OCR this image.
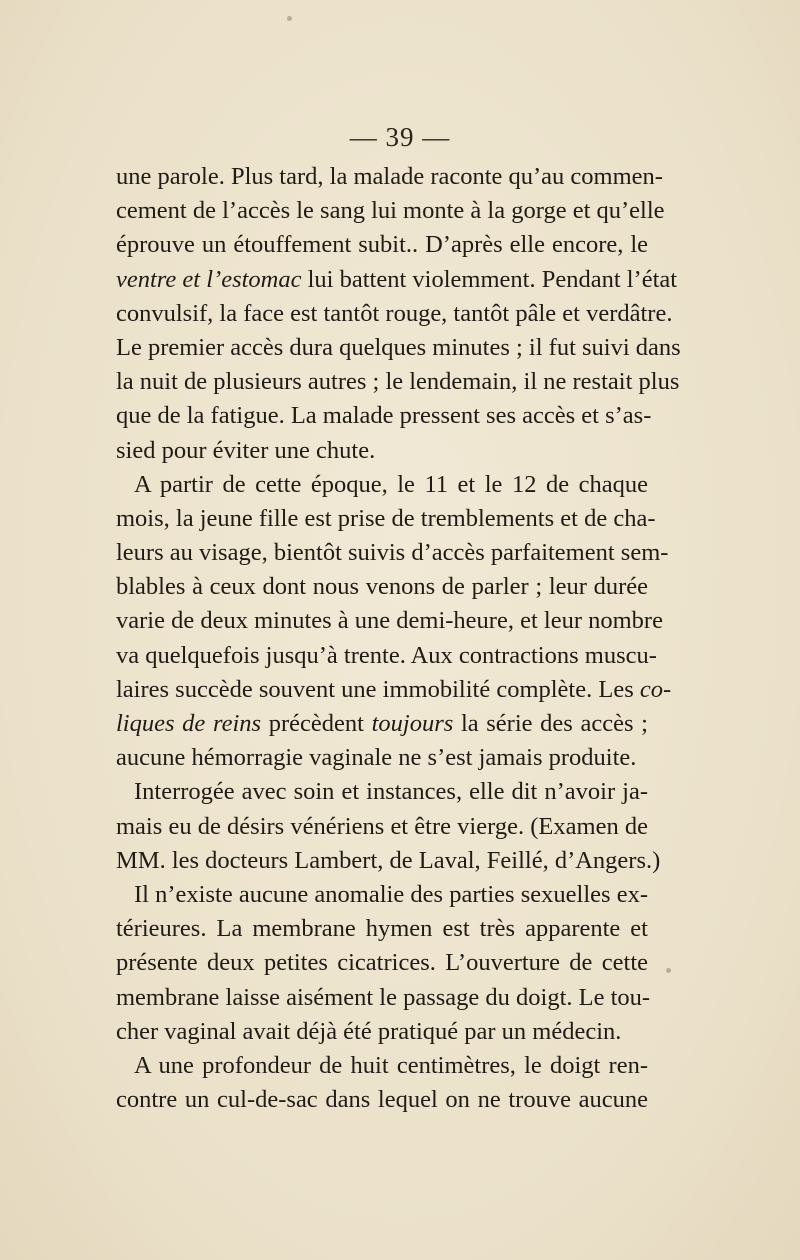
— 39 —
une parole. Plus tard, la malade raconte qu’au commen-
cement de l’accès le sang lui monte à la gorge et qu’elle
éprouve un étouffement subit.. D’après elle encore, le
ventre et l’estomac lui battent violemment. Pendant l’état
convulsif, la face est tantôt rouge, tantôt pâle et verdâtre.
Le premier accès dura quelques minutes ; il fut suivi dans
la nuit de plusieurs autres ; le lendemain, il ne restait plus
que de la fatigue. La malade pressent ses accès et s’as-
sied pour éviter une chute.
A partir de cette époque, le 11 et le 12 de chaque
mois, la jeune fille est prise de tremblements et de cha-
leurs au visage, bientôt suivis d’accès parfaitement sem-
blables à ceux dont nous venons de parler ; leur durée
varie de deux minutes à une demi-heure, et leur nombre
va quelquefois jusqu’à trente. Aux contractions muscu-
laires succède souvent une immobilité complète. Les co-
liques de reins précèdent toujours la série des accès ;
aucune hémorragie vaginale ne s’est jamais produite.
Interrogée avec soin et instances, elle dit n’avoir ja-
mais eu de désirs vénériens et être vierge. (Examen de
MM. les docteurs Lambert, de Laval, Feillé, d’Angers.)
Il n’existe aucune anomalie des parties sexuelles ex-
térieures. La membrane hymen est très apparente et
présente deux petites cicatrices. L’ouverture de cette
membrane laisse aisément le passage du doigt. Le tou-
cher vaginal avait déjà été pratiqué par un médecin.
A une profondeur de huit centimètres, le doigt ren-
contre un cul-de-sac dans lequel on ne trouve aucune
